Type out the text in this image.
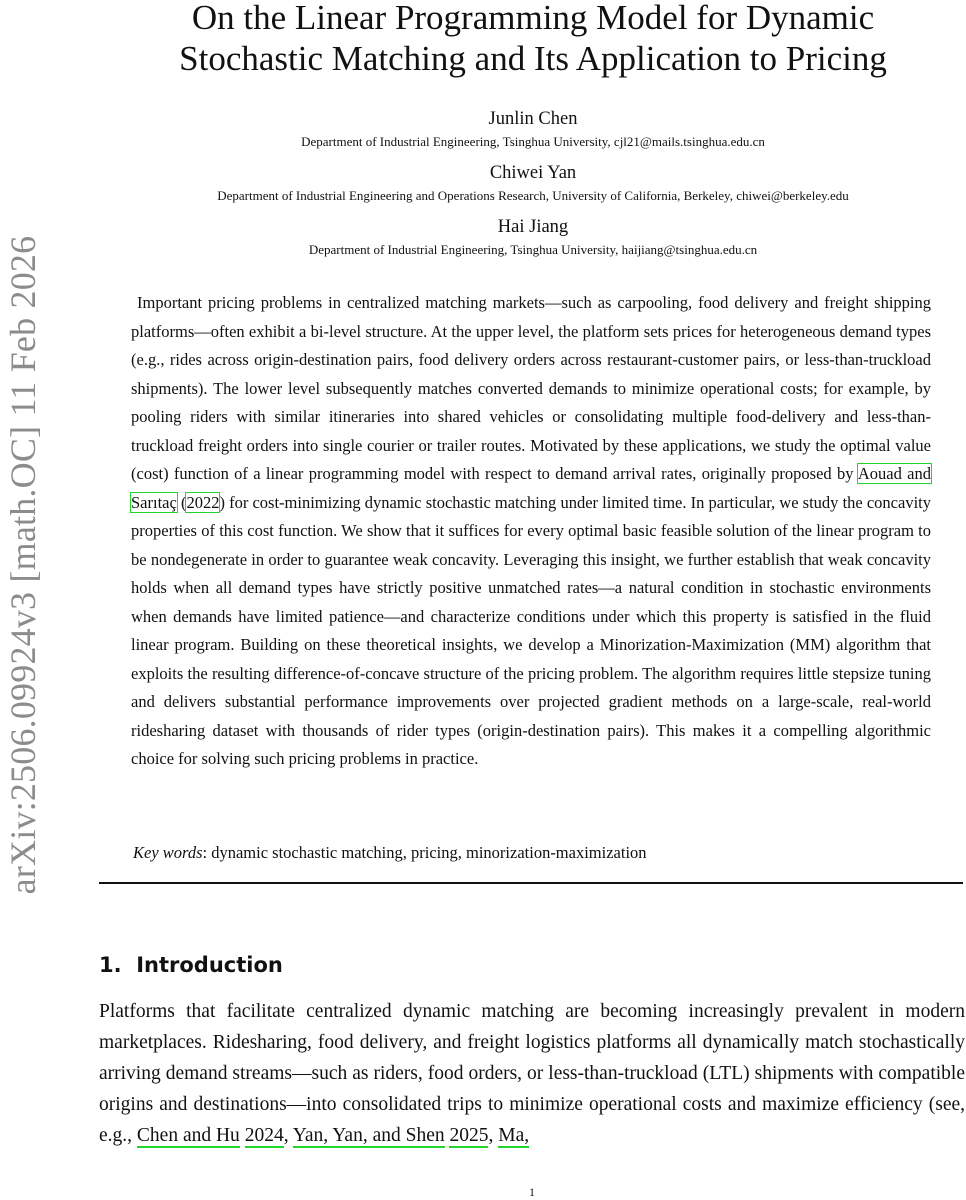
arXiv:2506.09924v3 [math.OC] 11 Feb 2026
On the Linear Programming Model for Dynamic
Stochastic Matching and Its Application to Pricing
Junlin Chen
Department of Industrial Engineering, Tsinghua University, cjl21@mails.tsinghua.edu.cn
Chiwei Yan
Department of Industrial Engineering and Operations Research, University of California, Berkeley, chiwei@berkeley.edu
Hai Jiang
Department of Industrial Engineering, Tsinghua University, haijiang@tsinghua.edu.cn

Important pricing problems in centralized matching markets—such as carpooling, food delivery and freight shipping platforms—often exhibit a bi-level structure. At the upper level, the platform sets prices for heterogeneous demand types (e.g., rides across origin-destination pairs, food delivery orders across restaurant-customer pairs, or less-than-truckload shipments). The lower level subsequently matches converted demands to minimize operational costs; for example, by pooling riders with similar itineraries into shared vehicles or consolidating multiple food-delivery and less-than-truckload freight orders into single courier or trailer routes. Motivated by these applications, we study the optimal value (cost) function of a linear programming model with respect to demand arrival rates, originally proposed by Aouad and Sarıtaç (2022) for cost-minimizing dynamic stochastic matching under limited time. In particular, we study the concavity properties of this cost function. We show that it suffices for every optimal basic feasible solution of the linear program to be nondegenerate in order to guarantee weak concavity. Leveraging this insight, we further establish that weak concavity holds when all demand types have strictly positive unmatched rates—a natural condition in stochastic environments when demands have limited patience—and characterize conditions under which this property is satisfied in the fluid linear program. Building on these theoretical insights, we develop a Minorization-Maximization (MM) algorithm that exploits the resulting difference-of-concave structure of the pricing problem. The algorithm requires little stepsize tuning and delivers substantial performance improvements over projected gradient methods on a large-scale, real-world ridesharing dataset with thousands of rider types (origin-destination pairs). This makes it a compelling algorithmic choice for solving such pricing problems in practice.

Key words: dynamic stochastic matching, pricing, minorization-maximization

1. Introduction

Platforms that facilitate centralized dynamic matching are becoming increasingly prevalent in modern marketplaces. Ridesharing, food delivery, and freight logistics platforms all dynamically match stochastically arriving demand streams—such as riders, food orders, or less-than-truckload (LTL) shipments with compatible origins and destinations—into consolidated trips to minimize operational costs and maximize efficiency (see, e.g., Chen and Hu 2024, Yan, Yan, and Shen 2025, Ma,

1
